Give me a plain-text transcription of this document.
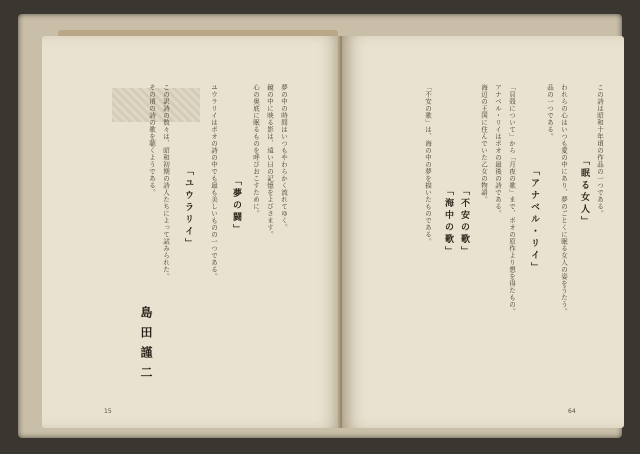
夢の中の時間はいつもやわらかく流れてゆく。
鏡の中に映る影は、遠い日の記憶をよびさます。
心の奥底に眠るものを呼びおこすために。
「夢の闘」
ユウラリイはポオの詩の中でも最も美しいものの一つである。
「ユウラリイ」
この訳詩の数々は、昭和初期の詩人たちによって試みられた。
その頃の詩の歌を聴くようである。
島田謹二
15
この詩は昭和十年頃の作品の一つである。
「眠る女人」
われらの心はいつも愛の中にあり、夢のごとくに眠る女人の姿をうたう。
品の一つである。
「アナベル・リイ」
「貝殻について」から「月夜の歌」まで、ポオの原作より想を得たもの。
アナベル・リイはポオの最後の詩である。
海辺の王国に住んでいた乙女の物語。
「不安の歌」
「海中の歌」
「不安の歌」は、海の中の夢を描いたものである。
64
